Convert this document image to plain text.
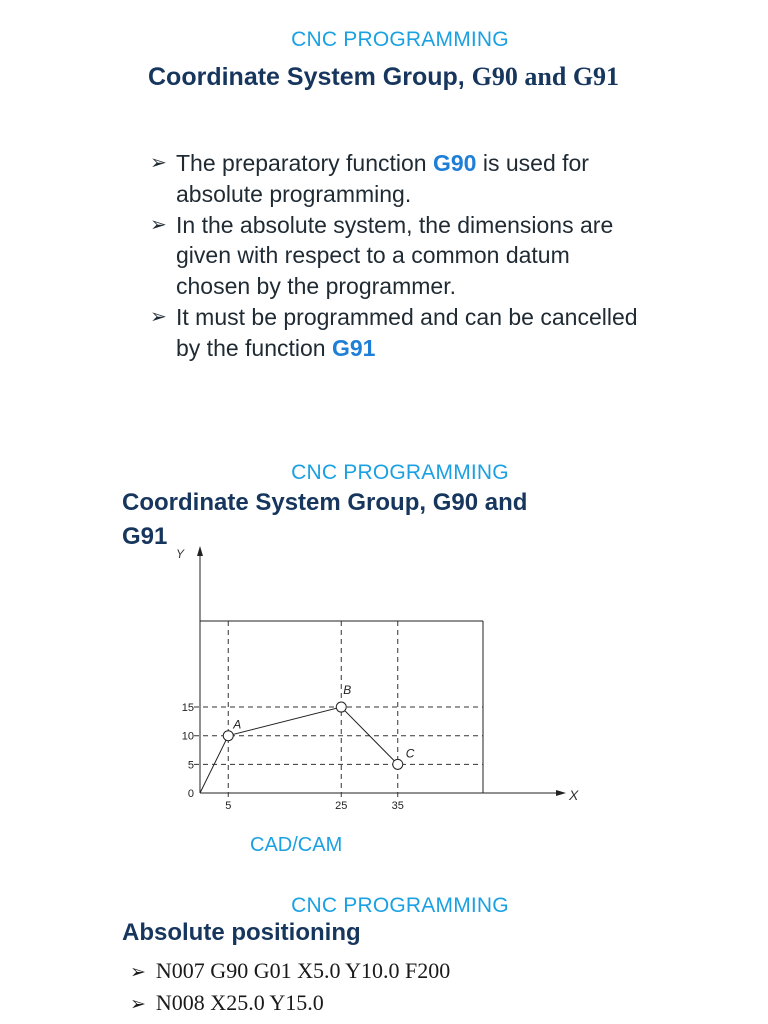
CNC PROGRAMMING
Coordinate System Group, G90 and G91
➢ The preparatory function G90 is used for absolute programming.
➢ In the absolute system, the dimensions are given with respect to a common datum chosen by the programmer.
➢ It must be programmed and can be cancelled by the function G91
CNC PROGRAMMING
Coordinate System Group, G90 and
G91
Y
X
5	25	35
0
5
10
15
A
B
C
CAD/CAM
CNC PROGRAMMING
Absolute positioning
➢ N007 G90 G01 X5.0 Y10.0 F200
➢ N008 X25.0 Y15.0
